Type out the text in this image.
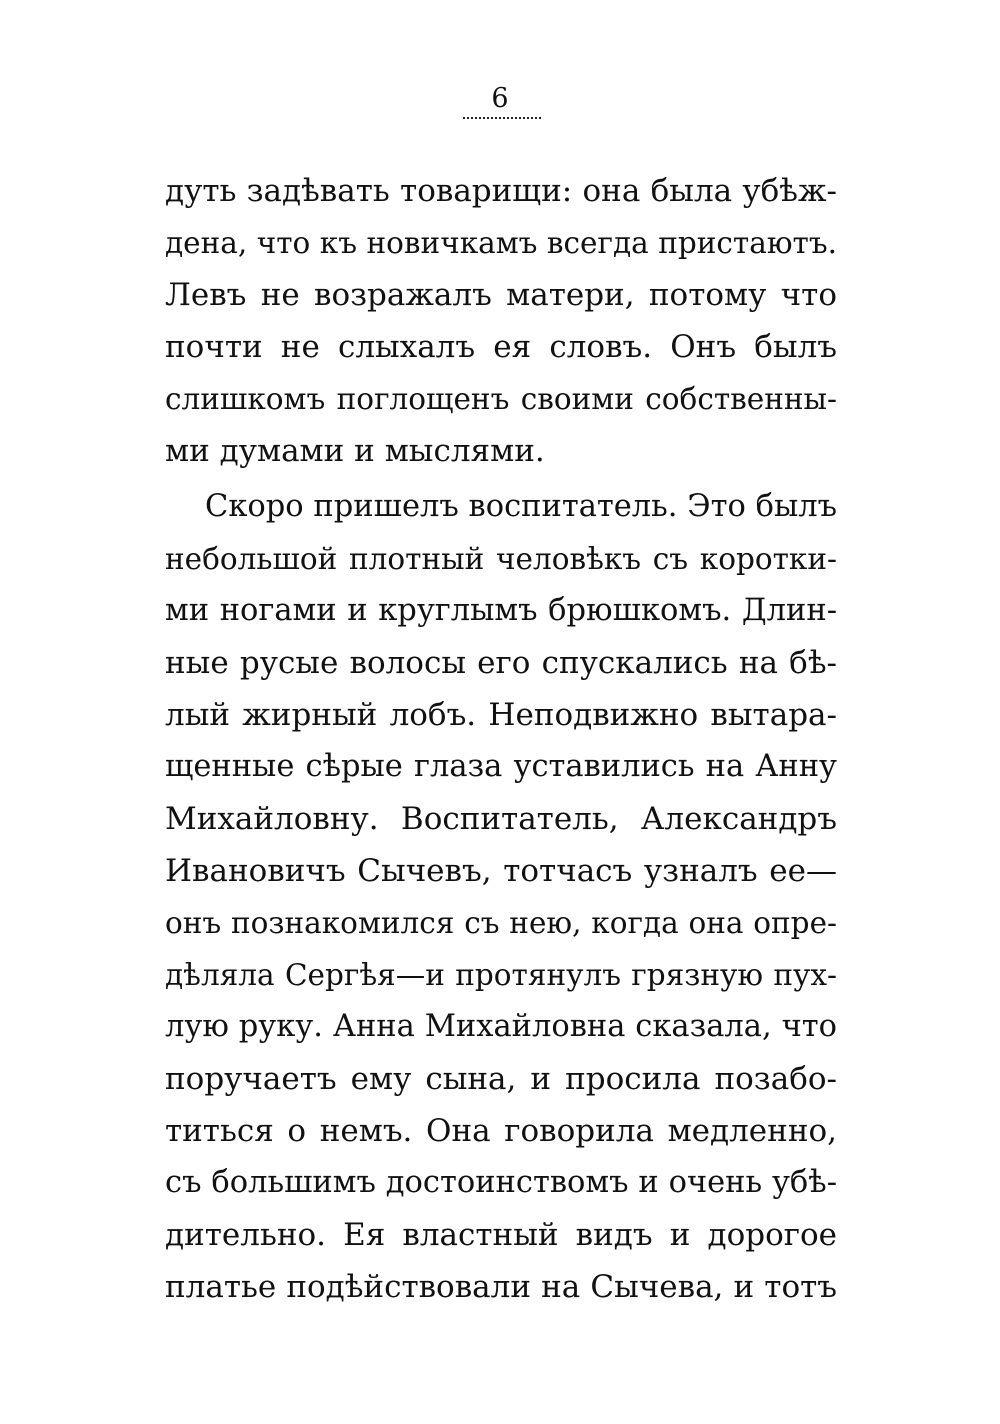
6
дуть задѣвать товарищи: она была убѣж-
дена, что къ новичкамъ всегда пристаютъ.
Левъ не возражалъ матери, потому что
почти не слыхалъ ея словъ. Онъ былъ
слишкомъ поглощенъ своими собственны-
ми думами и мыслями.
Скоро пришелъ воспитатель. Это былъ
небольшой плотный человѣкъ съ коротки-
ми ногами и круглымъ брюшкомъ. Длин-
ные русые волосы его спускались на бѣ-
лый жирный лобъ. Неподвижно вытара-
щенные сѣрые глаза уставились на Анну
Михайловну. Воспитатель, Александръ
Ивановичъ Сычевъ, тотчасъ узналъ ее—
онъ познакомился съ нею, когда она опре-
дѣляла Сергѣя—и протянулъ грязную пух-
лую руку. Анна Михайловна сказала, что
поручаетъ ему сына, и просила позабо-
титься о немъ. Она говорила медленно,
съ большимъ достоинствомъ и очень убѣ-
дительно. Ея властный видъ и дорогое
платье подѣйствовали на Сычева, и тотъ
